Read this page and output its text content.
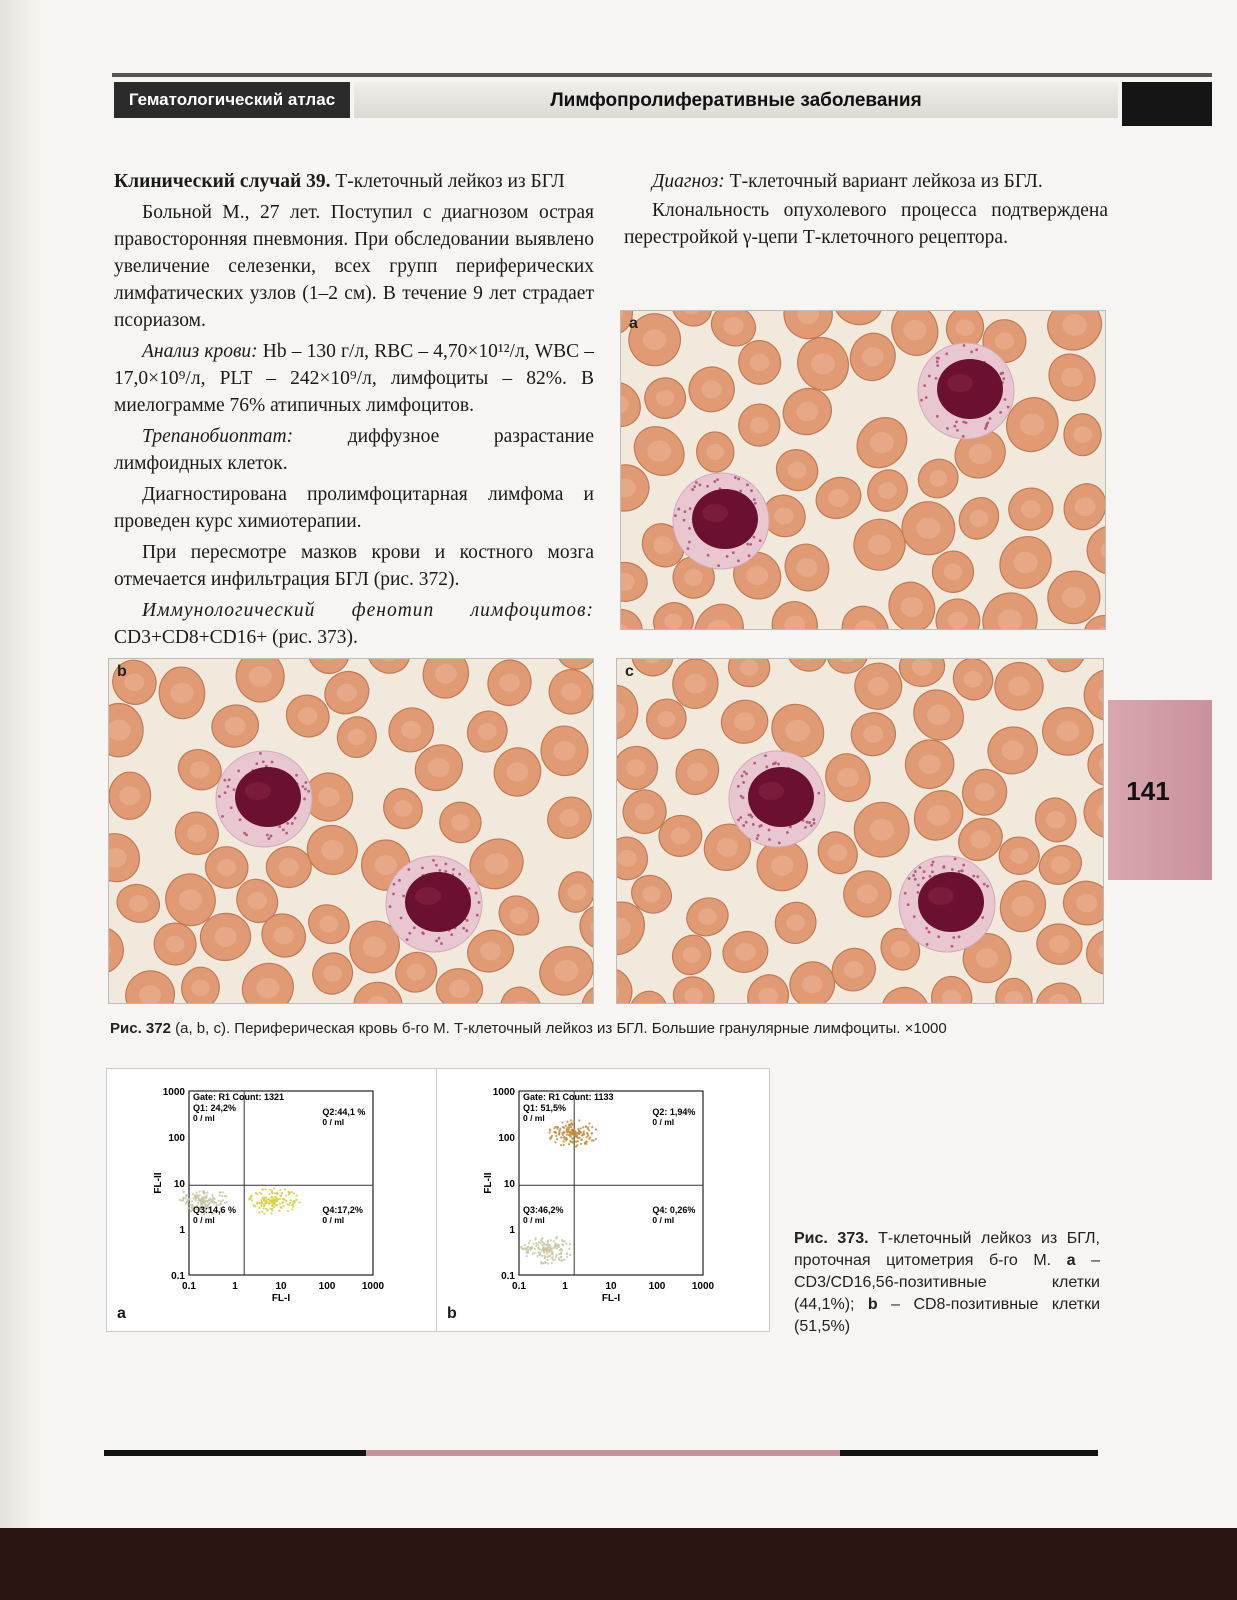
Гематологический атлас	Лимфопролиферативные заболевания
141

Клинический случай 39. Т-клеточный лейкоз из БГЛ

Больной М., 27 лет. Поступил с диагнозом острая правосторонняя пневмония. При обследовании выявлено увеличение селезенки, всех групп периферических лимфатических узлов (1–2 см). В течение 9 лет страдает псориазом.

Анализ крови: Hb – 130 г/л, RBC – 4,70×10¹²/л, WBC – 17,0×10⁹/л, PLT – 242×10⁹/л, лимфоциты – 82%. В миелограмме 76% атипичных лимфоцитов.

Трепанобиоптат: диффузное разрастание лимфоидных клеток.

Диагностирована пролимфоцитарная лимфома и проведен курс химиотерапии.

При пересмотре мазков крови и костного мозга отмечается инфильтрация БГЛ (рис. 372).

Иммунологический фенотип лимфоцитов: CD3+CD8+CD16+ (рис. 373).

Диагноз: Т-клеточный вариант лейкоза из БГЛ.

Клональность опухолевого процесса подтверждена перестройкой γ-цепи Т-клеточного рецептора.

a
b	c
Рис. 372 (a, b, c). Периферическая кровь б-го М. Т-клеточный лейкоз из БГЛ. Большие гранулярные лимфоциты. ×1000
0.1	1	10	100	1000
0.1
1
10
100
1000
FL-I
FL-II
Gate: R1 Count: 1321
Q1: 24,2%
0 / ml
Q2:44,1 %
0 / ml
Q3:14,6 %
0 / ml
Q4:17,2%
0 / ml
a
0.1	1	10	100	1000
0.1
1
10
100
1000
FL-I
FL-II
Gate: R1 Count: 1133
Q1: 51,5%
0 / ml
Q2: 1,94%
0 / ml
Q3:46,2%
0 / ml
Q4: 0,26%
0 / ml
b
Рис. 373. Т-клеточный лейкоз из БГЛ, проточная цитометрия б-го М. a – CD3/CD16,56-позитивные клетки (44,1%); b – CD8-позитивные клетки (51,5%)
